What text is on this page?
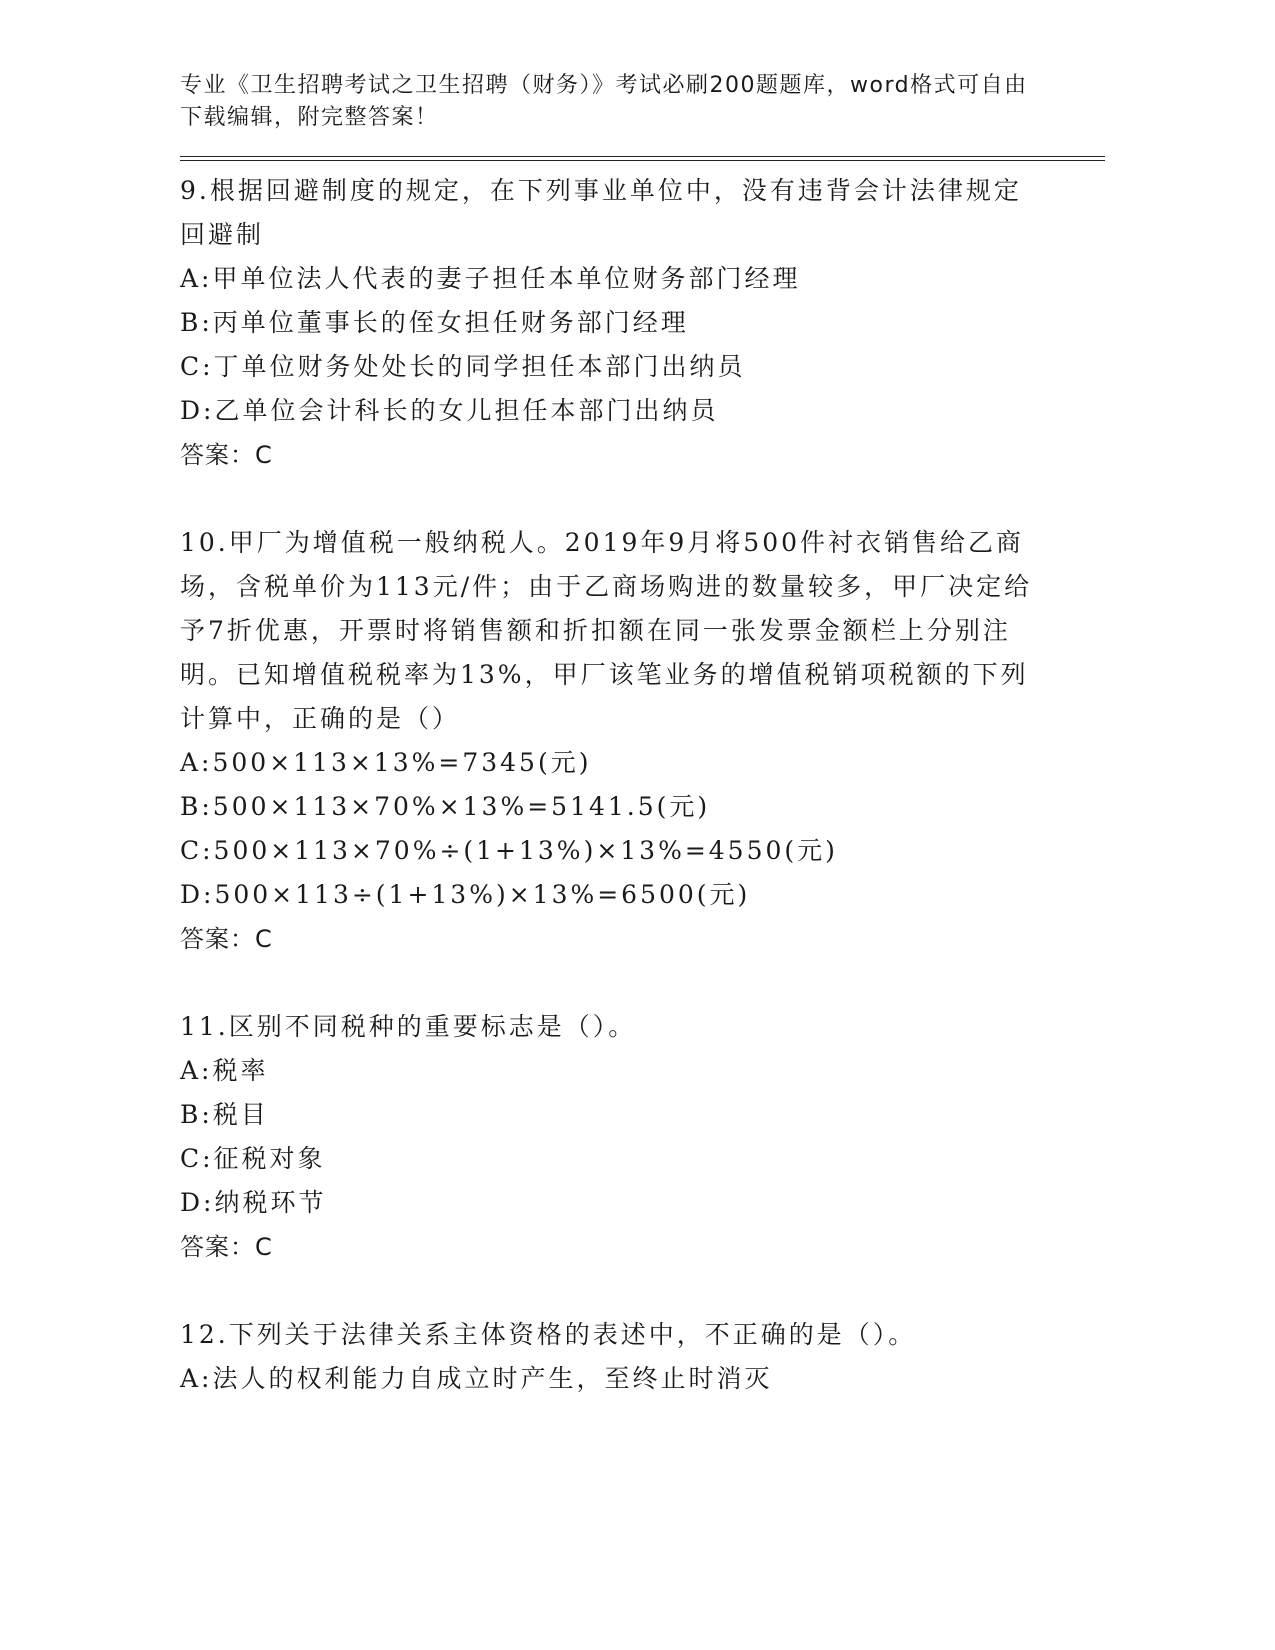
专业《卫生招聘考试之卫生招聘（财务）》考试必刷200题题库，word格式可自由下载编辑，附完整答案！
9.根据回避制度的规定，在下列事业单位中，没有违背会计法律规定回避制
A:甲单位法人代表的妻子担任本单位财务部门经理
B:丙单位董事长的侄女担任财务部门经理
C:丁单位财务处处长的同学担任本部门出纳员
D:乙单位会计科长的女儿担任本部门出纳员
答案：C
10.甲厂为增值税一般纳税人。2019年9月将500件衬衣销售给乙商场，含税单价为113元/件；由于乙商场购进的数量较多，甲厂决定给予7折优惠，开票时将销售额和折扣额在同一张发票金额栏上分别注明。已知增值税税率为13%，甲厂该笔业务的增值税销项税额的下列计算中，正确的是（）
A:500×113×13%=7345(元)
B:500×113×70%×13%=5141.5(元)
C:500×113×70%÷(1+13%)×13%=4550(元)
D:500×113÷(1+13%)×13%=6500(元)
答案：C
11.区别不同税种的重要标志是（）。
A:税率
B:税目
C:征税对象
D:纳税环节
答案：C
12.下列关于法律关系主体资格的表述中，不正确的是（）。
A:法人的权利能力自成立时产生，至终止时消灭
